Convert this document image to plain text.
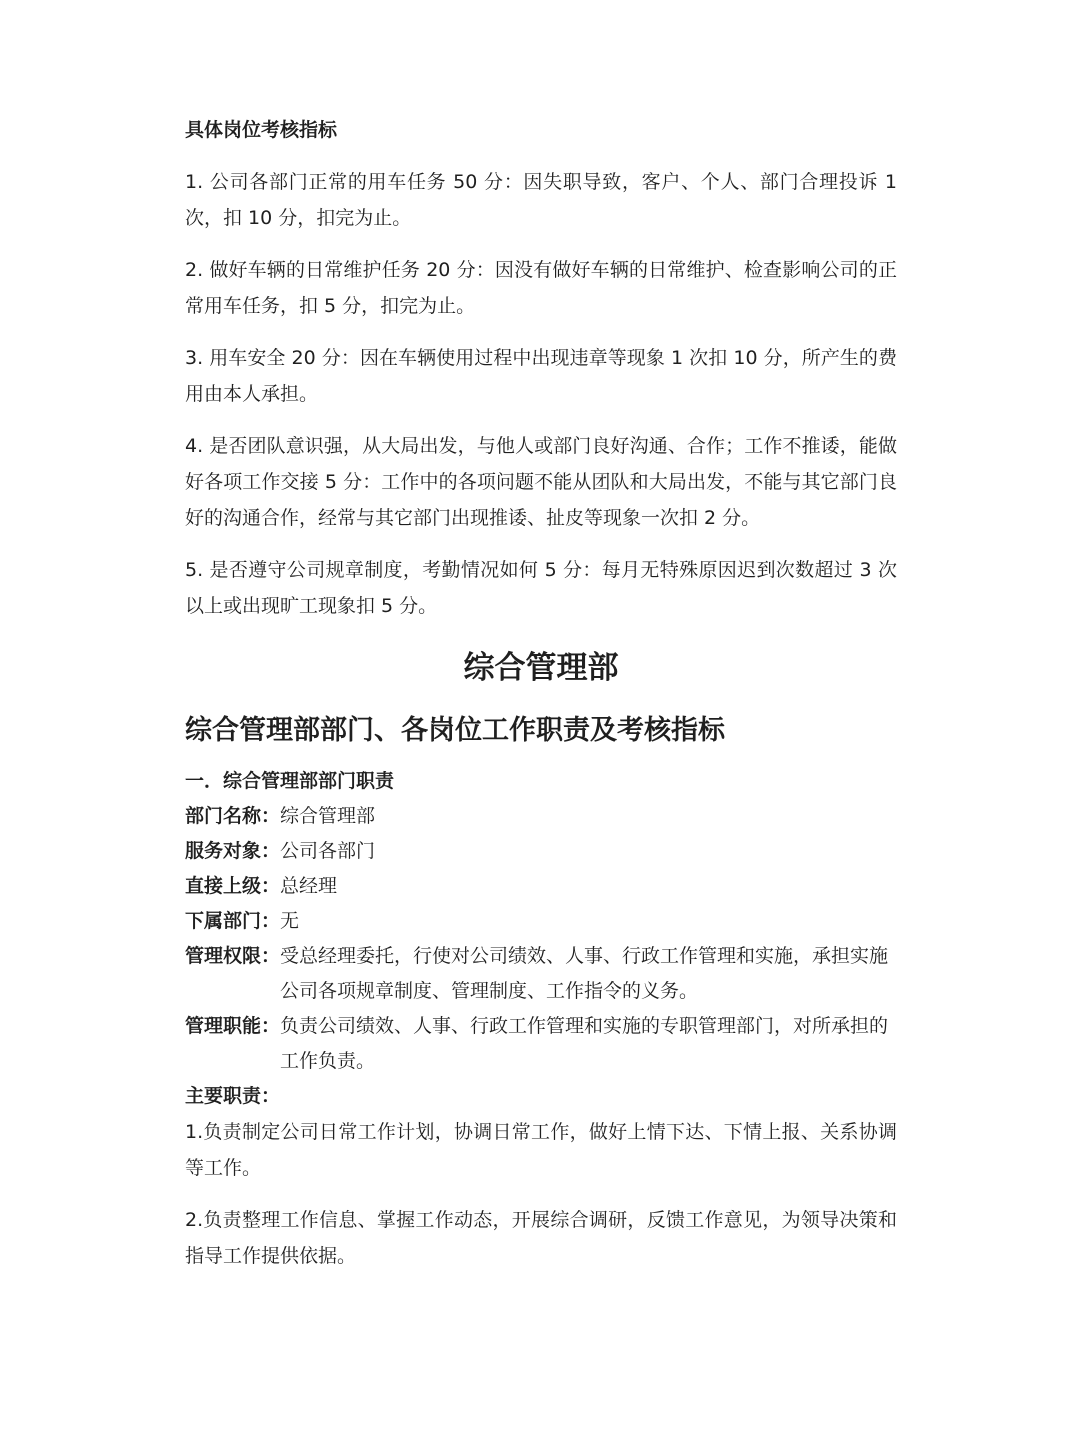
具体岗位考核指标

1. 公司各部门正常的用车任务 50 分：因失职导致，客户、个人、部门合理投诉 1 次，扣 10 分，扣完为止。

2. 做好车辆的日常维护任务 20 分：因没有做好车辆的日常维护、检查影响公司的正常用车任务，扣 5 分，扣完为止。

3. 用车安全 20 分：因在车辆使用过程中出现违章等现象 1 次扣 10 分，所产生的费用由本人承担。

4. 是否团队意识强，从大局出发，与他人或部门良好沟通、合作；工作不推诿，能做好各项工作交接 5 分：工作中的各项问题不能从团队和大局出发，不能与其它部门良好的沟通合作，经常与其它部门出现推诿、扯皮等现象一次扣 2 分。

5. 是否遵守公司规章制度，考勤情况如何 5 分：每月无特殊原因迟到次数超过 3 次以上或出现旷工现象扣 5 分。

综合管理部
综合管理部部门、各岗位工作职责及考核指标
一．综合管理部部门职责
部门名称： 综合管理部
服务对象： 公司各部门
直接上级： 总经理
下属部门： 无
管理权限： 受总经理委托，行使对公司绩效、人事、行政工作管理和实施，承担实施公司各项规章制度、管理制度、工作指令的义务。
管理职能： 负责公司绩效、人事、行政工作管理和实施的专职管理部门，对所承担的工作负责。
主要职责：

1.负责制定公司日常工作计划，协调日常工作，做好上情下达、下情上报、关系协调等工作。

2.负责整理工作信息、掌握工作动态，开展综合调研，反馈工作意见，为领导决策和指导工作提供依据。
